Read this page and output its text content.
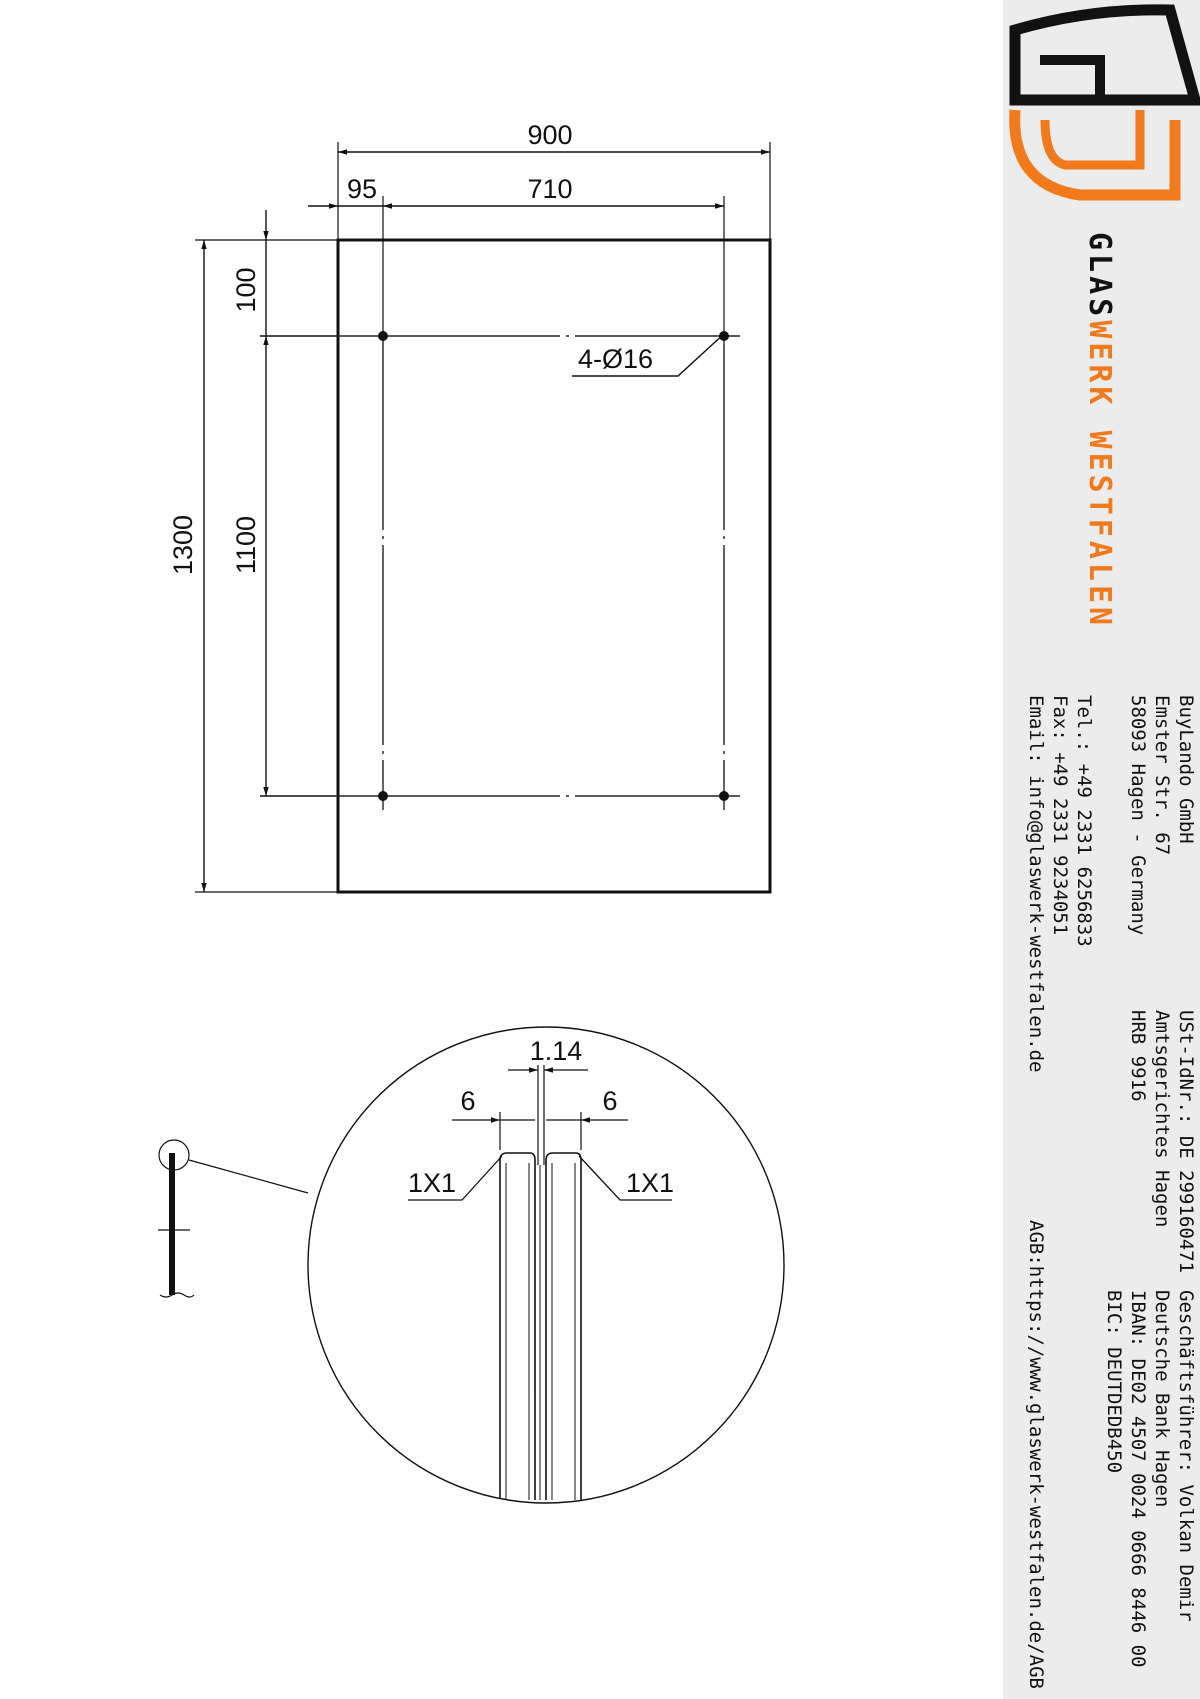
900
95	710
1300
100
1100
4-Ø16
1.14
6	6
1X1	1X1
GLASWERK WESTFALEN
BuyLando GmbH
Emster Str. 67
58093 Hagen - Germany
Tel.: +49 2331 6256833
Fax: +49 2331 9234051
Email: info@glaswerk-westfalen.de
USt-IdNr.: DE 299160471
Amtsgerichtes Hagen
HRB 9916
AGB:https://www.glaswerk-westfalen.de/AGB	Geschäftsführer: Volkan Demir
Deutsche Bank Hagen
IBAN: DE02 4507 0024 0666 8446 00
BIC: DEUTDEDB450
